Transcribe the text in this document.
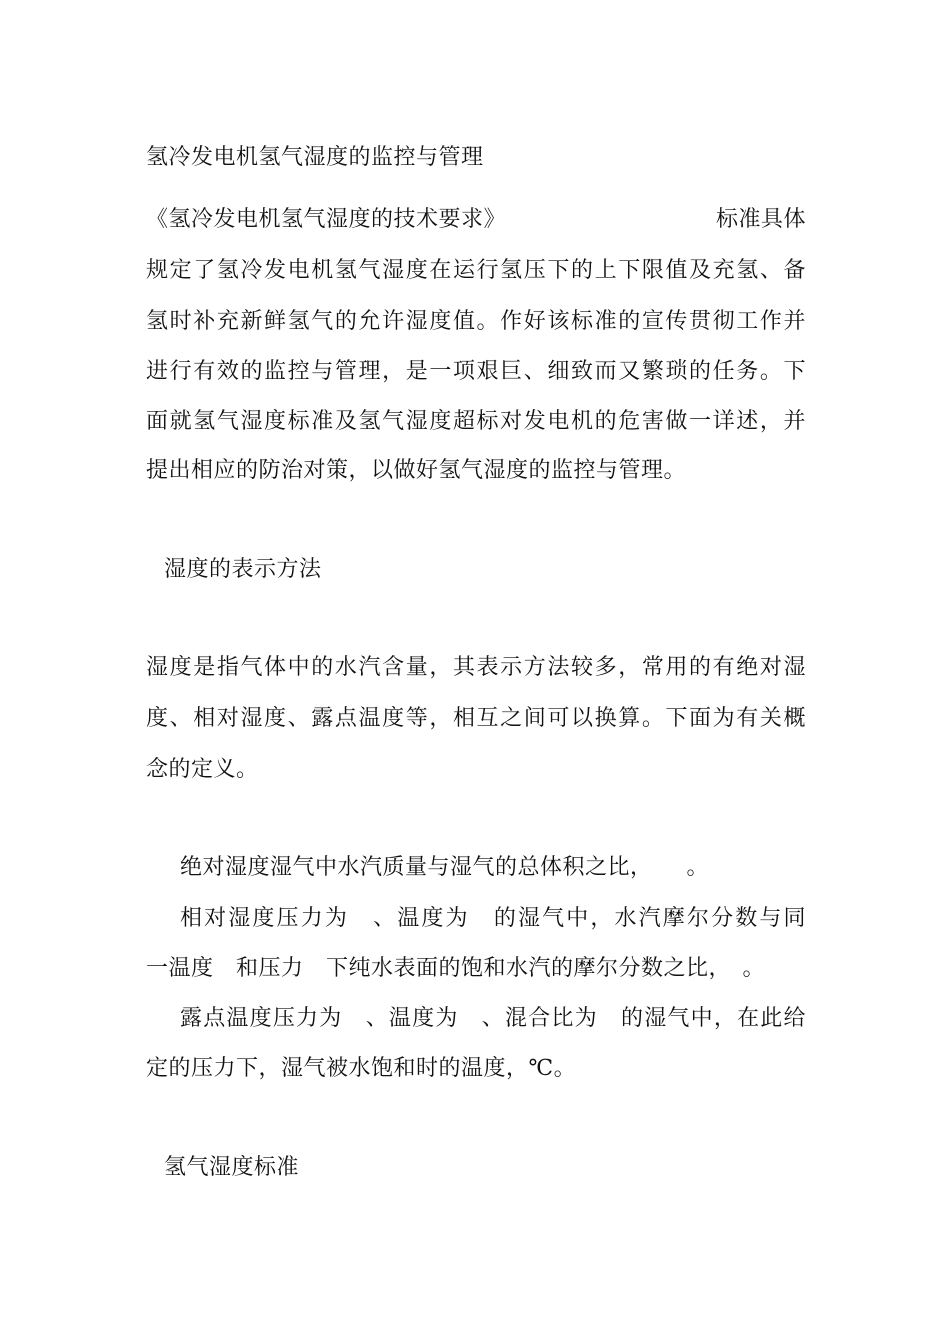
氢冷发电机氢气湿度的监控与管理
《氢冷发电机氢气湿度的技术要求》	标准具体
规定了氢冷发电机氢气湿度在运行氢压下的上下限值及充氢、备
氢时补充新鲜氢气的允许湿度值。作好该标准的宣传贯彻工作并
进行有效的监控与管理，是一项艰巨、细致而又繁琐的任务。下
面就氢气湿度标准及氢气湿度超标对发电机的危害做一详述，并
提出相应的防治对策，以做好氢气湿度的监控与管理。
湿度的表示方法
湿度是指气体中的水汽含量，其表示方法较多，常用的有绝对湿
度、相对湿度、露点温度等，相互之间可以换算。下面为有关概
念的定义。
绝对湿度湿气中水汽质量与湿气的总体积之比，　　。
相对湿度压力为　、温度为　的湿气中，水汽摩尔分数与同
一温度　和压力　下纯水表面的饱和水汽的摩尔分数之比，　。
露点温度压力为　、温度为　、混合比为　的湿气中，在此给
定的压力下，湿气被水饱和时的温度，℃。
氢气湿度标准
